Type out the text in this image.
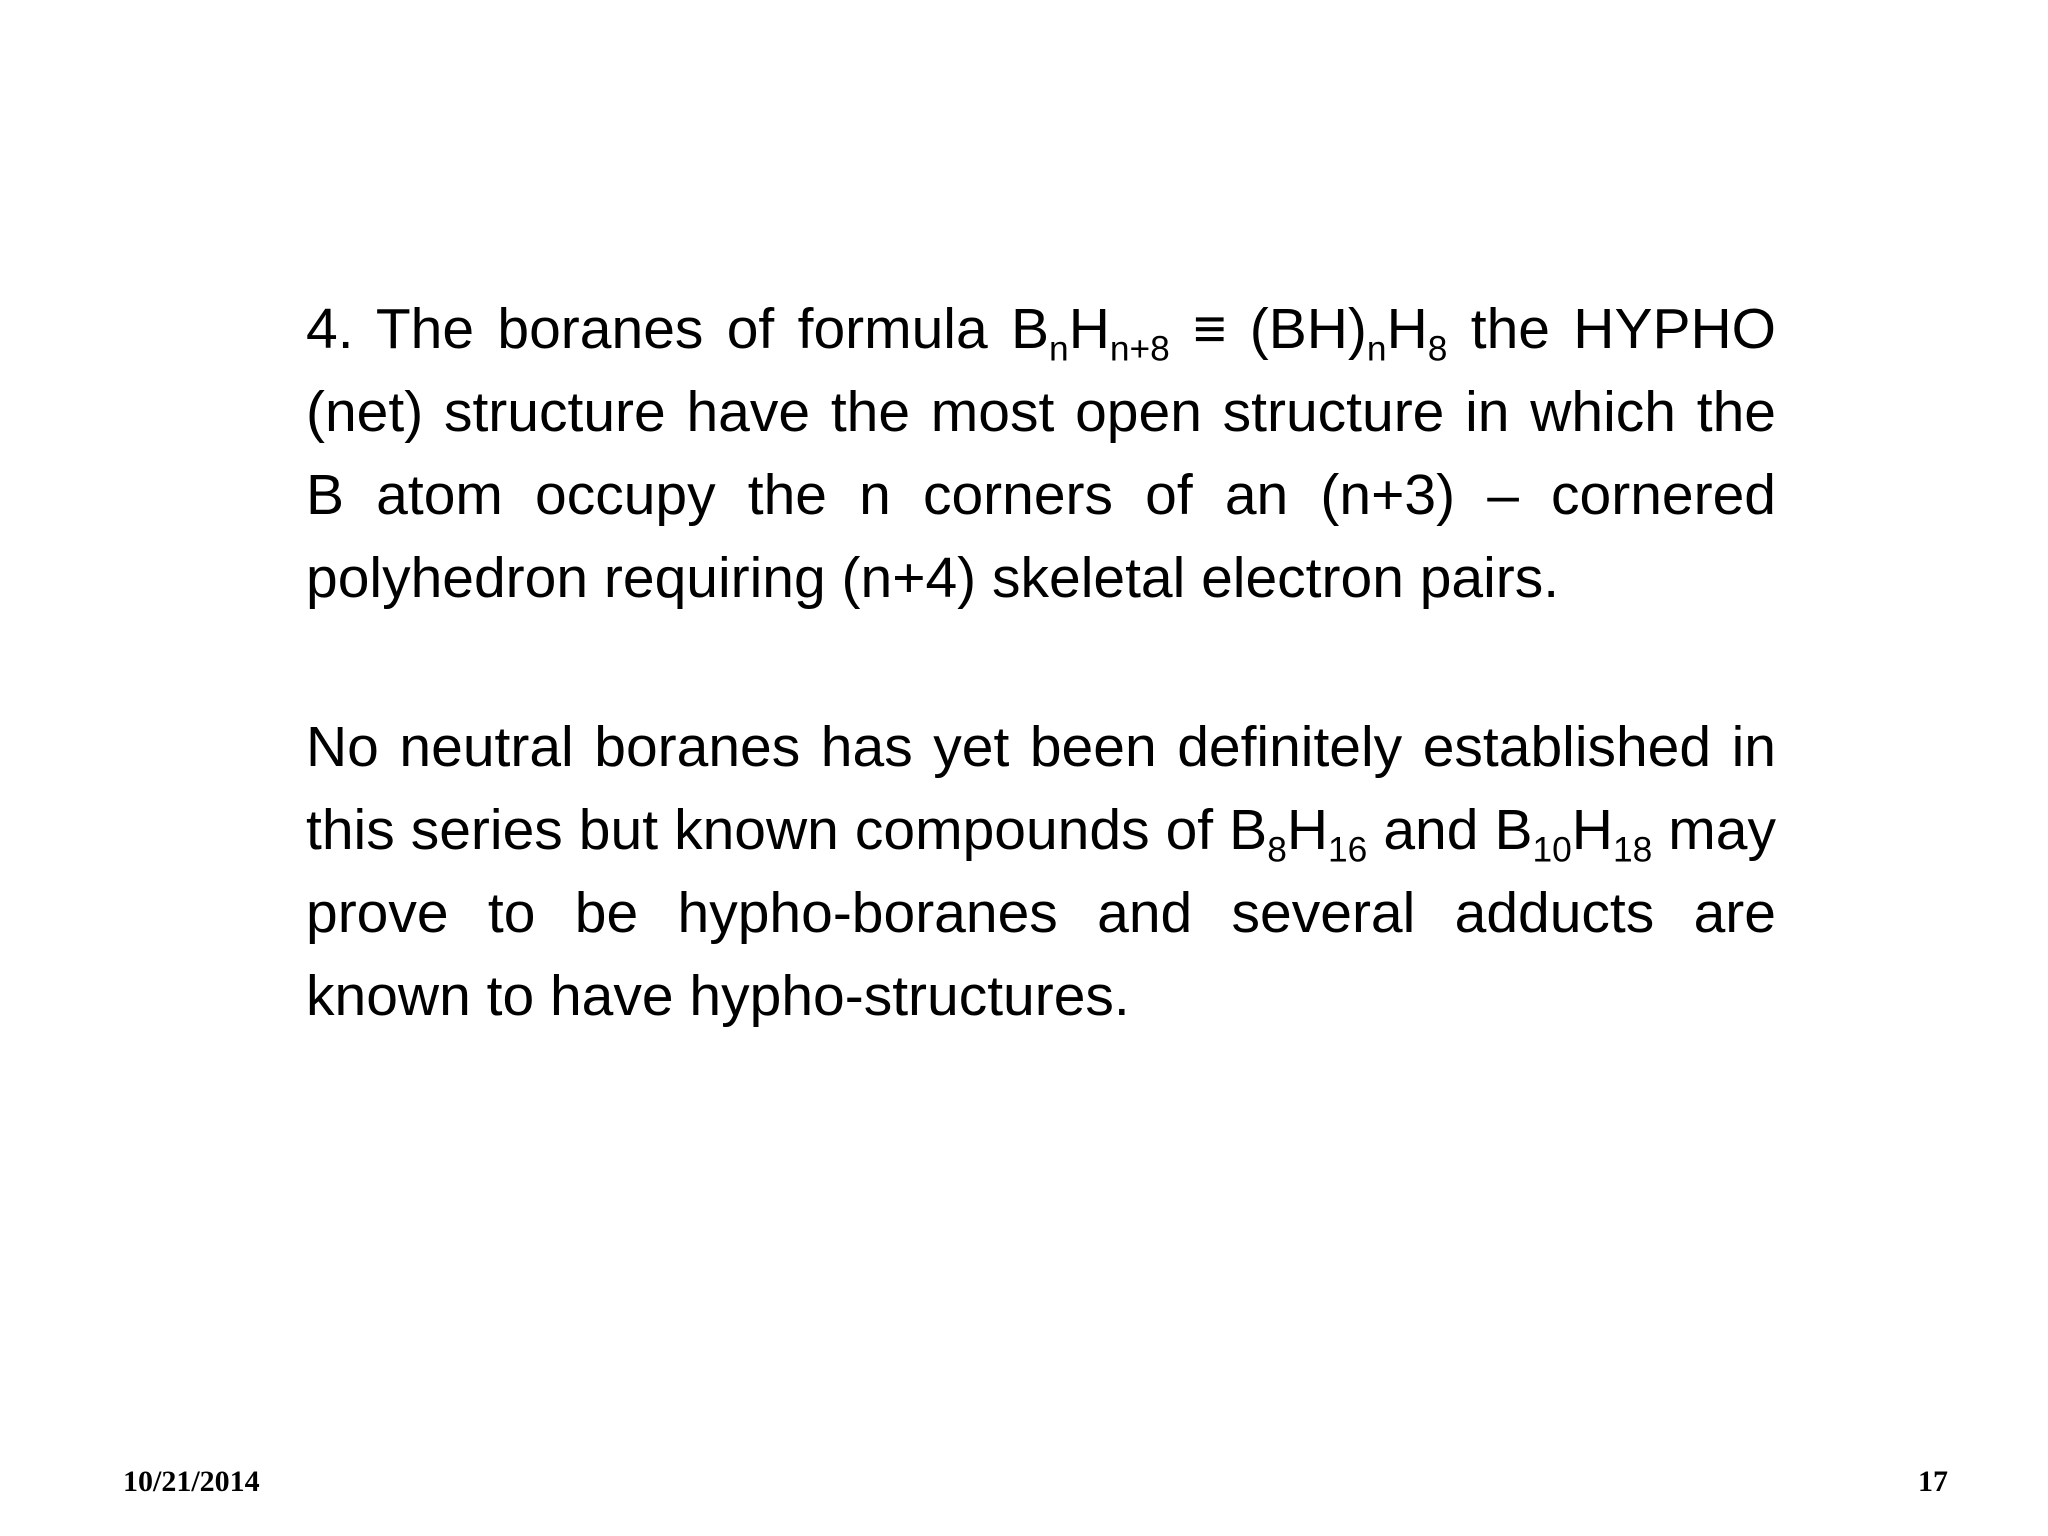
4. The boranes of formula $B_nH_{n+8} \equiv (BH)_nH_8$ the HYPHO (net) structure have the most open structure in which the B atom occupy the n corners of an (n+3) – cornered polyhedron requiring (n+4) skeletal electron pairs.

No neutral boranes has yet been definitely established in this series but known compounds of $B_8H_{16}$ and $B_{10}H_{18}$ may prove to be hypho-boranes and several adducts are known to have hypho-structures.

10/21/2014	17
